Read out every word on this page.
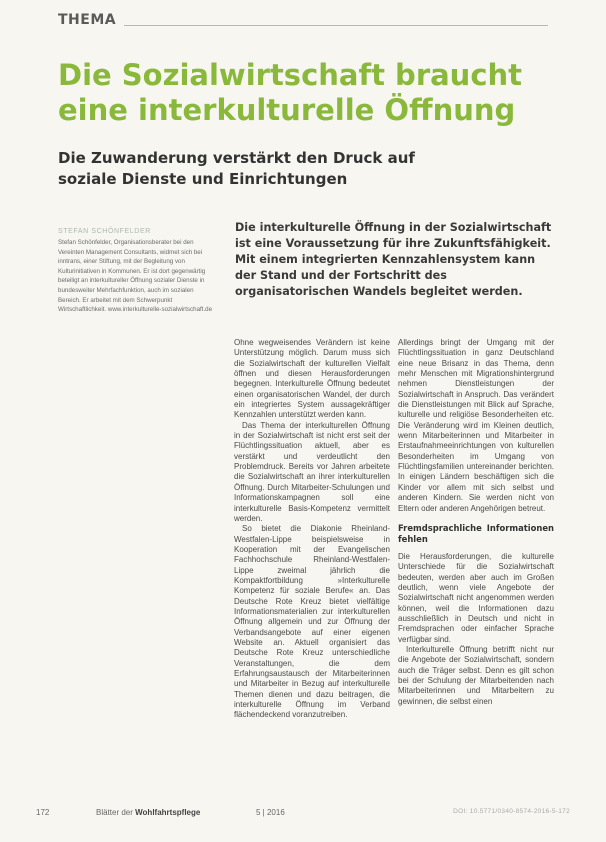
THEMA
Die Sozialwirtschaft braucht eine interkulturelle Öffnung
Die Zuwanderung verstärkt den Druck auf soziale Dienste und Einrichtungen
STEFAN SCHÖNFELDER
Stefan Schönfelder, Organisationsberater bei den Vereinten Management Consultants, widmet sich bei inntrans, einer Stiftung, mit der Begleitung von Kulturinitiativen in Kommunen. Er ist dort gegenwärtig beteiligt an interkultureller Öffnung sozialer Dienste in bundesweiter Mehrfachfunktion, auch im sozialen Bereich. Er arbeitet mit dem Schwerpunkt Wirtschaftlichkeit. www.interkulturelle-sozialwirtschaft.de

Die interkulturelle Öffnung in der Sozialwirtschaft ist eine Voraussetzung für ihre Zukunftsfähigkeit. Mit einem integrierten Kennzahlensystem kann der Stand und der Fortschritt des organisatorischen Wandels begleitet werden.

Ohne wegweisendes Verändern ist keine Unterstützung möglich. Darum muss sich die Sozialwirtschaft der kulturellen Vielfalt öffnen und diesen Herausforderungen begegnen. Interkulturelle Öffnung bedeutet einen organisatorischen Wandel, der durch ein integriertes System aussagekräftiger Kennzahlen unterstützt werden kann.

Das Thema der interkulturellen Öffnung in der Sozialwirtschaft ist nicht erst seit der Flüchtlingssituation aktuell, aber es verstärkt und verdeutlicht den Problemdruck. Bereits vor Jahren arbeitete die Sozialwirtschaft an ihrer interkulturellen Öffnung. Durch Mitarbeiter-Schulungen und Informationskampagnen soll eine interkulturelle Basis-Kompetenz vermittelt werden.

So bietet die Diakonie Rheinland-Westfalen-Lippe beispielsweise in Kooperation mit der Evangelischen Fachhochschule Rheinland-Westfalen-Lippe zweimal jährlich die Kompaktfortbildung »Interkulturelle Kompetenz für soziale Berufe« an. Das Deutsche Rote Kreuz bietet vielfältige Informationsmaterialien zur interkulturellen Öffnung allgemein und zur Öffnung der Verbandsangebote auf einer eigenen Website an. Aktuell organisiert das Deutsche Rote Kreuz unterschiedliche Veranstaltungen, die dem Erfahrungsaustausch der Mitarbeiterinnen und Mitarbeiter in Bezug auf interkulturelle Themen dienen und dazu beitragen, die interkulturelle Öffnung im Verband flächendeckend voranzutreiben.

Allerdings bringt der Umgang mit der Flüchtlingssituation in ganz Deutschland eine neue Brisanz in das Thema, denn mehr Menschen mit Migrationshintergrund nehmen Dienstleistungen der Sozialwirtschaft in Anspruch. Das verändert die Dienstleistungen mit Blick auf Sprache, kulturelle und religiöse Besonderheiten etc. Die Veränderung wird im Kleinen deutlich, wenn Mitarbeiterinnen und Mitarbeiter in Erstaufnahmeeinrichtungen von kulturellen Besonderheiten im Umgang von Flüchtlingsfamilien untereinander berichten. In einigen Ländern beschäftigen sich die Kinder vor allem mit sich selbst und anderen Kindern. Sie werden nicht von Eltern oder anderen Angehörigen betreut.

Fremdsprachliche Informationen fehlen

Die Herausforderungen, die kulturelle Unterschiede für die Sozialwirtschaft bedeuten, werden aber auch im Großen deutlich, wenn viele Angebote der Sozialwirtschaft nicht angenommen werden können, weil die Informationen dazu ausschließlich in Deutsch und nicht in Fremdsprachen oder einfacher Sprache verfügbar sind.

Interkulturelle Öffnung betrifft nicht nur die Angebote der Sozialwirtschaft, sondern auch die Träger selbst. Denn es gilt schon bei der Schulung der Mitarbeitenden nach Mitarbeiterinnen und Mitarbeitern zu gewinnen, die selbst einen

172	Blätter der Wohlfahrtspflege	5 | 2016	DOI: 10.5771/0340-8574-2016-5-172
